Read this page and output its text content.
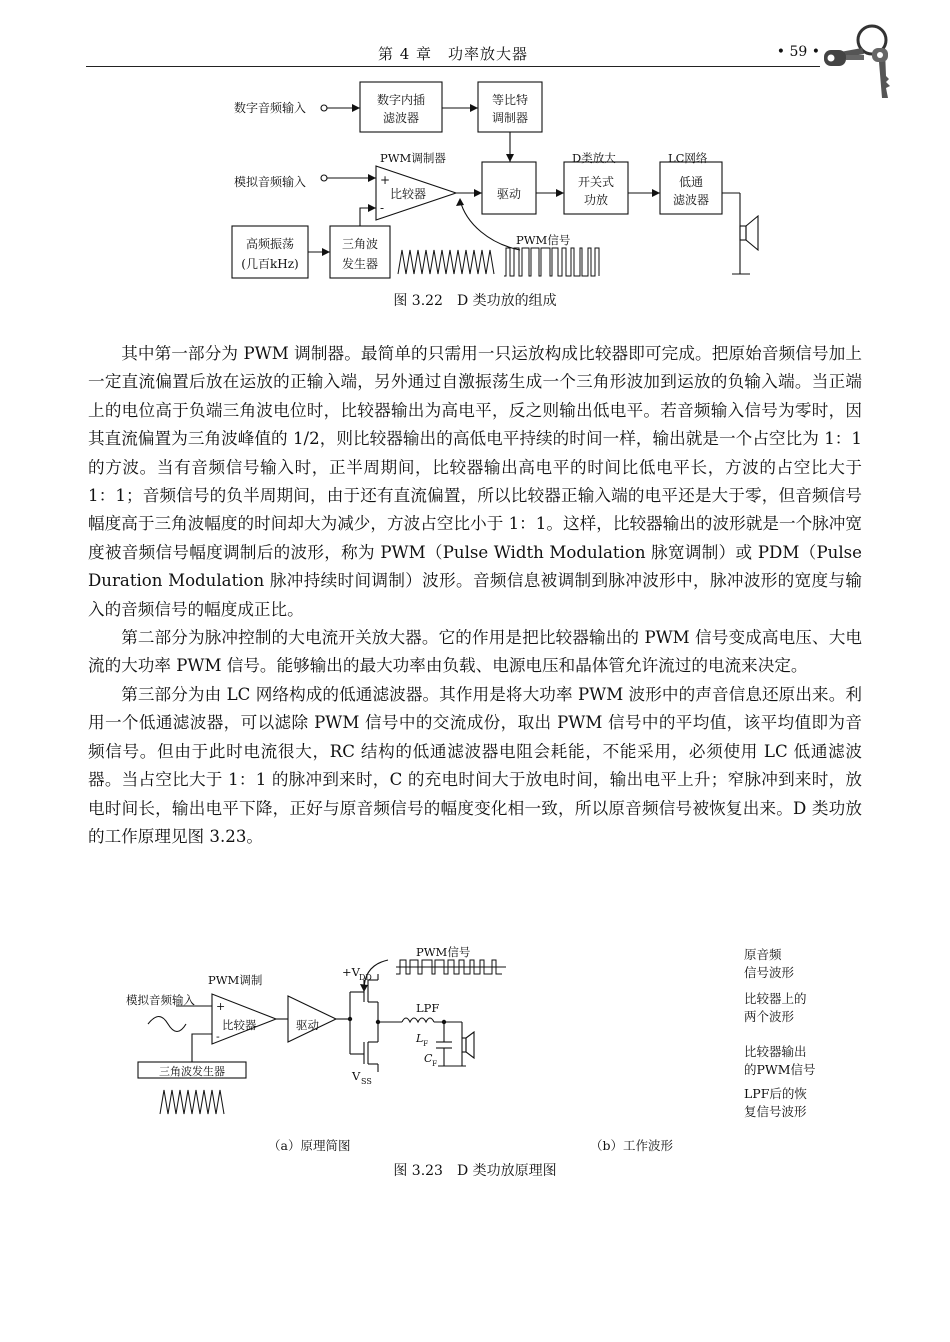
第 4 章　功率放大器	• 59 •
数字音频输入
数字内插
滤波器
等比特
调制器
PWM调制器
模拟音频输入	+
-
比较器	驱动
D类放大
开关式
功放
LC网络
低通
滤波器
高频振荡
(几百kHz)
三角波
发生器
PWM信号
图 3.22　D 类功放的组成

其中第一部分为 PWM 调制器。最简单的只需用一只运放构成比较器即可完成。把原始音频信号加上一定直流偏置后放在运放的正输入端，另外通过自激振荡生成一个三角形波加到运放的负输入端。当正端上的电位高于负端三角波电位时，比较器输出为高电平，反之则输出低电平。若音频输入信号为零时，因其直流偏置为三角波峰值的 1/2，则比较器输出的高低电平持续的时间一样，输出就是一个占空比为 1：1 的方波。当有音频信号输入时，正半周期间，比较器输出高电平的时间比低电平长，方波的占空比大于 1：1；音频信号的负半周期间，由于还有直流偏置，所以比较器正输入端的电平还是大于零，但音频信号幅度高于三角波幅度的时间却大为减少，方波占空比小于 1：1。这样，比较器输出的波形就是一个脉冲宽度被音频信号幅度调制后的波形，称为 PWM（Pulse Width Modulation 脉宽调制）或 PDM（Pulse Duration Modulation 脉冲持续时间调制）波形。音频信息被调制到脉冲波形中，脉冲波形的宽度与输入的音频信号的幅度成正比。

第二部分为脉冲控制的大电流开关放大器。它的作用是把比较器输出的 PWM 信号变成高电压、大电流的大功率 PWM 信号。能够输出的最大功率由负载、电源电压和晶体管允许流过的电流来决定。

第三部分为由 LC 网络构成的低通滤波器。其作用是将大功率 PWM 波形中的声音信息还原出来。利用一个低通滤波器，可以滤除 PWM 信号中的交流成份，取出 PWM 信号中的平均值，该平均值即为音频信号。但由于此时电流很大，RC 结构的低通滤波器电阻会耗能，不能采用，必须使用 LC 低通滤波器。当占空比大于 1：1 的脉冲到来时，C 的充电时间大于放电时间，输出电平上升；窄脉冲到来时，放电时间长，输出电平下降，正好与原音频信号的幅度变化相一致，所以原音频信号被恢复出来。D 类功放的工作原理见图 3.23。

PWM信号
+V DD
PWM调制
模拟音频输入 +
-
比较器	驱动
LPF
L F
C F
三角波发生器	V SS
原音频
信号波形
比较器上的
两个波形
比较器输出
的PWM信号
LPF后的恢
复信号波形
（a）原理简图	（b）工作波形
图 3.23　D 类功放原理图
